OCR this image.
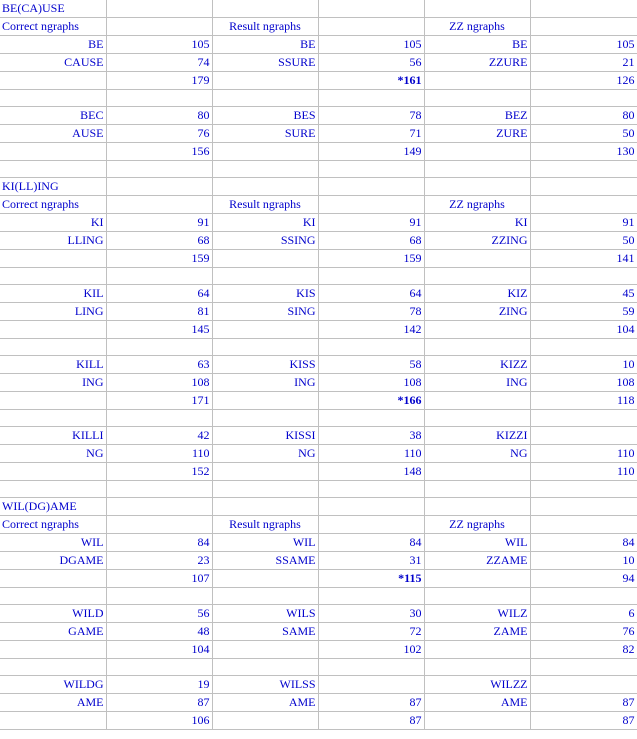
BE(CA)USE					
Correct ngraphs		Result ngraphs		ZZ ngraphs	
BE	105	BE	105	BE	105
CAUSE	74	SSURE	56	ZZURE	21
	179		*161		126

BEC	80	BES	78	BEZ	80
AUSE	76	SURE	71	ZURE	50
	156		149		130

KI(LL)ING					
Correct ngraphs		Result ngraphs		ZZ ngraphs	
KI	91	KI	91	KI	91
LLING	68	SSING	68	ZZING	50
	159		159		141

KIL	64	KIS	64	KIZ	45
LING	81	SING	78	ZING	59
	145		142		104

KILL	63	KISS	58	KIZZ	10
ING	108	ING	108	ING	108
	171		*166		118

KILLI	42	KISSI	38	KIZZI	
NG	110	NG	110	NG	110
	152		148		110

WIL(DG)AME					
Correct ngraphs		Result ngraphs		ZZ ngraphs	
WIL	84	WIL	84	WIL	84
DGAME	23	SSAME	31	ZZAME	10
	107		*115		94

WILD	56	WILS	30	WILZ	6
GAME	48	SAME	72	ZAME	76
	104		102		82

WILDG	19	WILSS		WILZZ	
AME	87	AME	87	AME	87
	106		87		87
